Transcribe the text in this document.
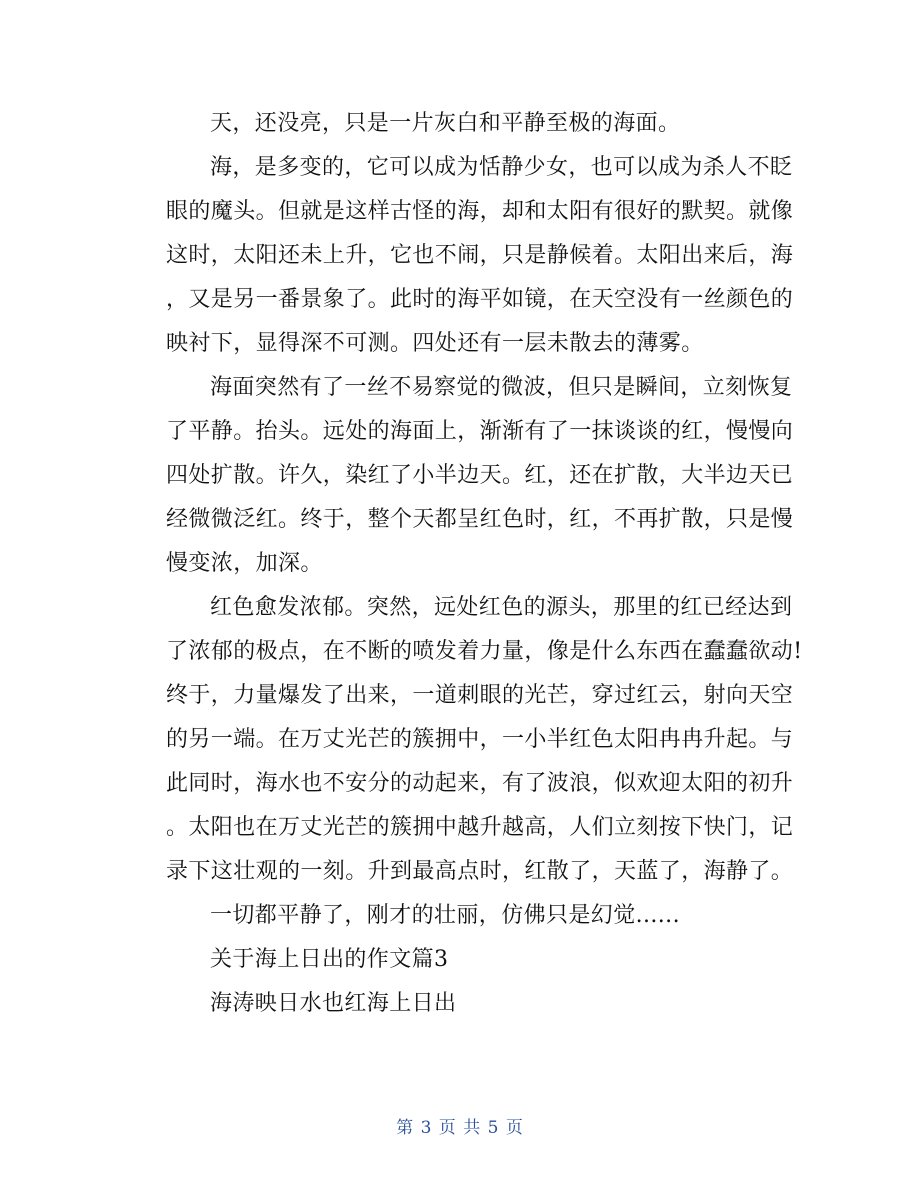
天，还没亮，只是一片灰白和平静至极的海面。
海，是多变的，它可以成为恬静少女，也可以成为杀人不眨
眼的魔头。但就是这样古怪的海，却和太阳有很好的默契。就像
这时，太阳还未上升，它也不闹，只是静候着。太阳出来后，海
，又是另一番景象了。此时的海平如镜，在天空没有一丝颜色的
映衬下，显得深不可测。四处还有一层未散去的薄雾。
海面突然有了一丝不易察觉的微波，但只是瞬间，立刻恢复
了平静。抬头。远处的海面上，渐渐有了一抹谈谈的红，慢慢向
四处扩散。许久，染红了小半边天。红，还在扩散，大半边天已
经微微泛红。终于，整个天都呈红色时，红，不再扩散，只是慢
慢变浓，加深。
红色愈发浓郁。突然，远处红色的源头，那里的红已经达到
了浓郁的极点，在不断的喷发着力量，像是什么东西在蠢蠢欲动!
终于，力量爆发了出来，一道刺眼的光芒，穿过红云，射向天空
的另一端。在万丈光芒的簇拥中，一小半红色太阳冉冉升起。与
此同时，海水也不安分的动起来，有了波浪，似欢迎太阳的初升
。太阳也在万丈光芒的簇拥中越升越高，人们立刻按下快门，记
录下这壮观的一刻。升到最高点时，红散了，天蓝了，海静了。
一切都平静了，刚才的壮丽，仿佛只是幻觉......
关于海上日出的作文篇3
海涛映日水也红海上日出
第 3 页 共 5 页
